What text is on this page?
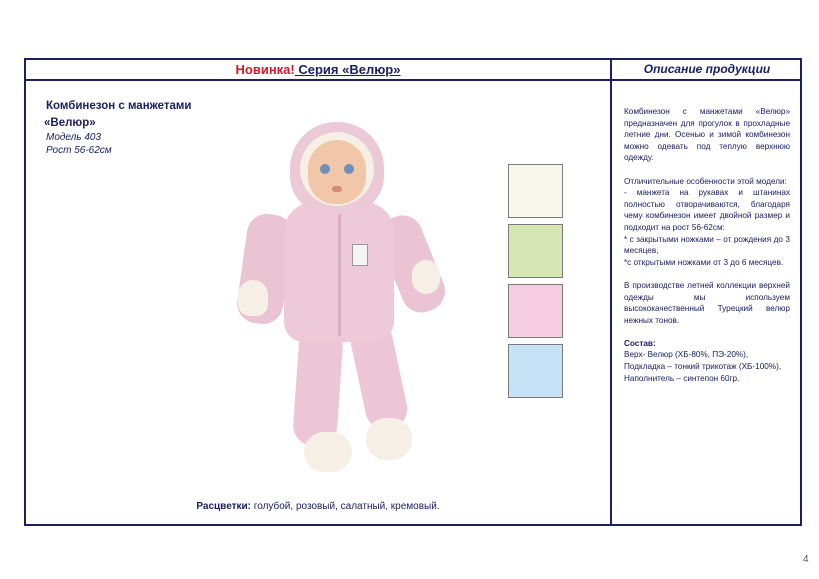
Новинка! Серия «Велюр»	Описание продукции
Комбинезон с манжетами
«Велюр»
Модель 403
Рост 56-62см
Расцветки: голубой, розовый, салатный, кремовый.

Комбинезон с манжетами «Велюр» предназначен для прогулок в прохладные летние дни. Осенью и зимой комбинезон можно одевать под теплую верхнюю одежду.

Отличительные особенности этой модели:
- манжета на рукавах и штанинах полностью отворачиваются, благодаря чему комбинезон имеет двойной размер и подходит на рост 56-62см:
* с закрытыми ножками – от рождения до 3 месяцев,
*с открытыми ножками от 3 до 6 месяцев.

В производстве летней коллекции верхней одежды мы используем высококачественный Турецкий велюр нежных тонов.

Состав:
Верх- Велюр (ХБ-80%, ПЭ-20%),
Подкладка – тонкий трикотаж (ХБ-100%),
Наполнитель – синтепон 60гр.
4
